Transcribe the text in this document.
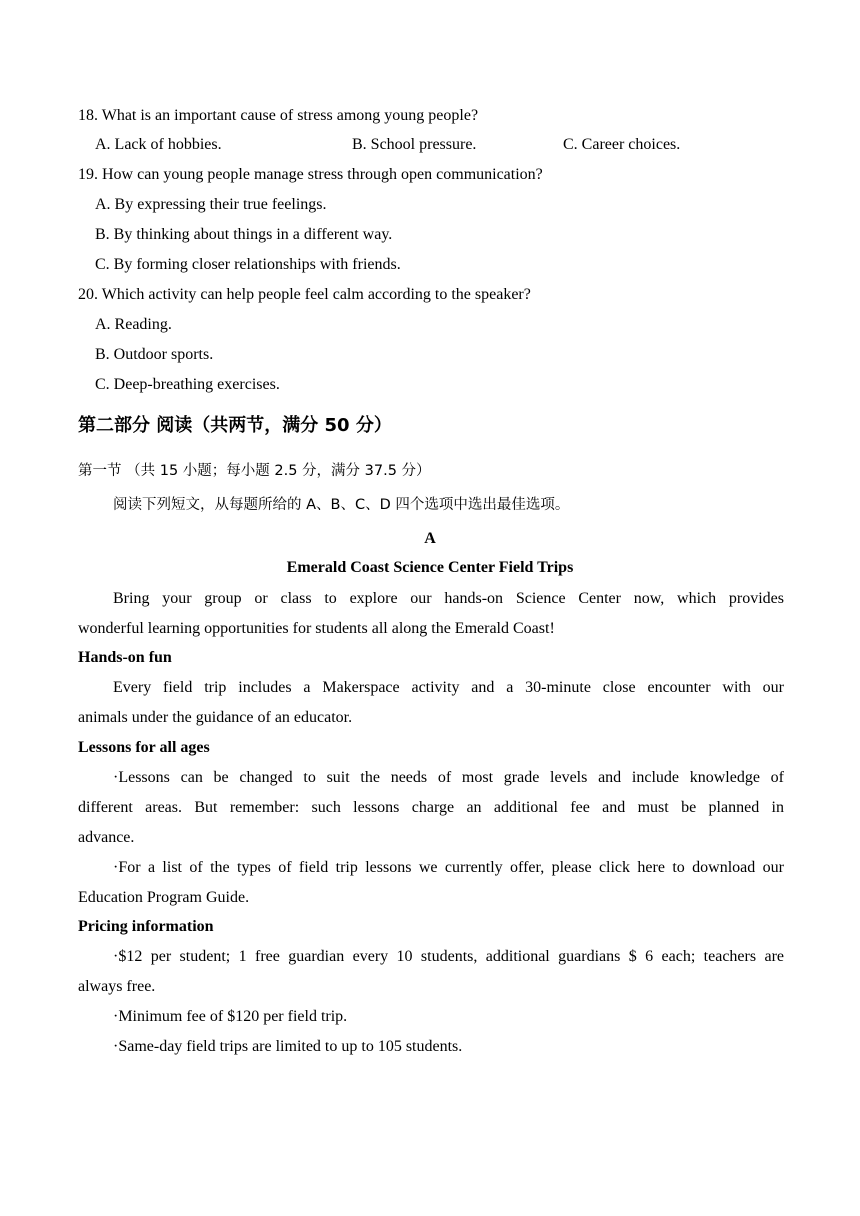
18. What is an important cause of stress among young people?
A. Lack of hobbies.	B. School pressure.	C. Career choices.
19. How can young people manage stress through open communication?
A. By expressing their true feelings.
B. By thinking about things in a different way.
C. By forming closer relationships with friends.
20. Which activity can help people feel calm according to the speaker?
A. Reading.
B. Outdoor sports.
C. Deep-breathing exercises.
第二部分 阅读（共两节，满分 50 分）
第一节 （共 15 小题；每小题 2.5 分，满分 37.5 分）
阅读下列短文，从每题所给的 A、B、C、D 四个选项中选出最佳选项。
A
Emerald Coast Science Center Field Trips
Bring your group or class to explore our hands-on Science Center now, which provides
wonderful learning opportunities for students all along the Emerald Coast!
Hands-on fun
Every field trip includes a Makerspace activity and a 30-minute close encounter with our
animals under the guidance of an educator.
Lessons for all ages
·Lessons can be changed to suit the needs of most grade levels and include knowledge of
different areas. But remember: such lessons charge an additional fee and must be planned in
advance.
·For a list of the types of field trip lessons we currently offer, please click here to download our
Education Program Guide.
Pricing information
·$12 per student; 1 free guardian every 10 students, additional guardians $ 6 each; teachers are
always free.
·Minimum fee of $120 per field trip.
·Same-day field trips are limited to up to 105 students.
